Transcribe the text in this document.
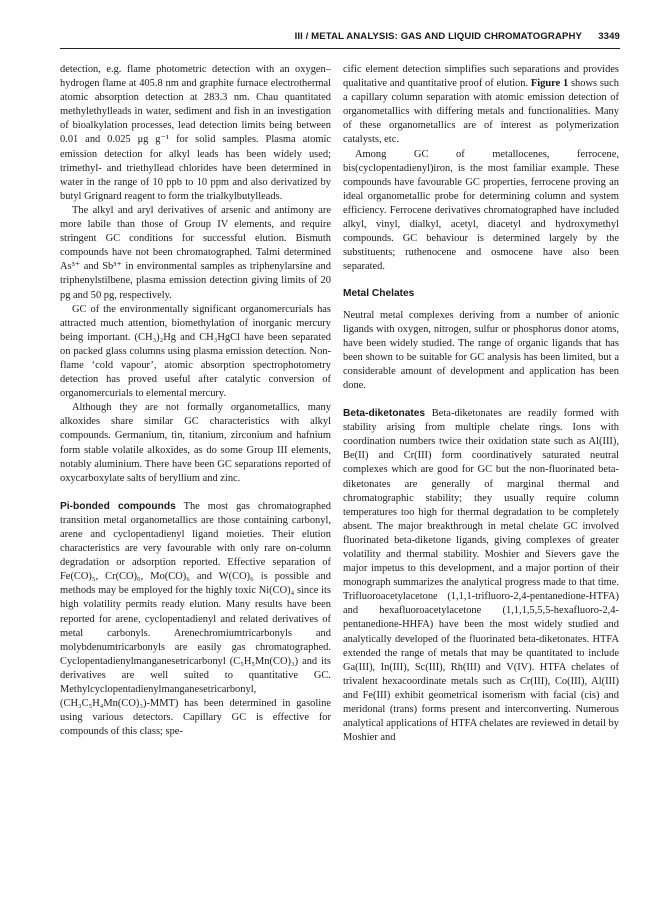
III / METAL ANALYSIS: GAS AND LIQUID CHROMATOGRAPHY 3349

detection, e.g. flame photometric detection with an oxygen–hydrogen flame at 405.8 nm and graphite furnace electrothermal atomic absorption detection at 283.3 nm. Chau quantitated methylethylleads in water, sediment and fish in an investigation of bioalkylation processes, lead detection limits being between 0.01 and 0.025 μg g⁻¹ for solid samples. Plasma atomic emission detection for alkyl leads has been widely used; trimethyl- and triethyllead chlorides have been determined in water in the range of 10 ppb to 10 ppm and also derivatized by butyl Grignard reagent to form the trialkylbutylleads.

The alkyl and aryl derivatives of arsenic and antimony are more labile than those of Group IV elements, and require stringent GC conditions for successful elution. Bismuth compounds have not been chromatographed. Talmi determined As³⁺ and Sb³⁺ in environmental samples as triphenylarsine and triphenylstilbene, plasma emission detection giving limits of 20 pg and 50 pg, respectively.

GC of the environmentally significant organomercurials has attracted much attention, biomethylation of inorganic mercury being important. (CH₃)₂Hg and CH₃HgCl have been separated on packed glass columns using plasma emission detection. Non-flame ‘cold vapour’, atomic absorption spectrophotometry detection has proved useful after catalytic conversion of organomercurials to elemental mercury.

Although they are not formally organometallics, many alkoxides share similar GC characteristics with alkyl compounds. Germanium, tin, titanium, zirconium and hafnium form stable volatile alkoxides, as do some Group III elements, notably aluminium. There have been GC separations reported of oxycarboxylate salts of beryllium and zinc.

Pi-bonded compounds The most gas chromatographed transition metal organometallics are those containing carbonyl, arene and cyclopentadienyl ligand moieties. Their elution characteristics are very favourable with only rare on-column degradation or adsorption reported. Effective separation of Fe(CO)₅, Cr(CO)₆, Mo(CO)₆ and W(CO)₆ is possible and methods may be employed for the highly toxic Ni(CO)₄ since its high volatility permits ready elution. Many results have been reported for arene, cyclopentadienyl and related derivatives of metal carbonyls. Arenechromiumtricarbonyls and molybdenumtricarbonyls are easily gas chromatographed. Cyclopentadienylmanganesetricarbonyl (C₅H₅Mn(CO)₃) and its derivatives are well suited to quantitative GC. Methylcyclopentadienylmanganesetricarbonyl, (CH₃C₅H₄Mn(CO)₃)-MMT) has been determined in gasoline using various detectors. Capillary GC is effective for compounds of this class; spe-

cific element detection simplifies such separations and provides qualitative and quantitative proof of elution. Figure 1 shows such a capillary column separation with atomic emission detection of organometallics with differing metals and functionalities. Many of these organometallics are of interest as polymerization catalysts, etc.

Among GC of metallocenes, ferrocene, bis(cyclopentadienyl)iron, is the most familiar example. These compounds have favourable GC properties, ferrocene proving an ideal organometallic probe for determining column and system efficiency. Ferrocene derivatives chromatographed have included alkyl, vinyl, dialkyl, acetyl, diacetyl and hydroxymethyl compounds. GC behaviour is determined largely by the substituents; ruthenocene and osmocene have also been separated.

Metal Chelates

Neutral metal complexes deriving from a number of anionic ligands with oxygen, nitrogen, sulfur or phosphorus donor atoms, have been widely studied. The range of organic ligands that has been shown to be suitable for GC analysis has been limited, but a considerable amount of development and application has been done.

Beta-diketonates Beta-diketonates are readily formed with stability arising from multiple chelate rings. Ions with coordination numbers twice their oxidation state such as Al(III), Be(II) and Cr(III) form coordinatively saturated neutral complexes which are good for GC but the non-fluorinated beta-diketonates are generally of marginal thermal and chromatographic stability; they usually require column temperatures too high for thermal degradation to be completely absent. The major breakthrough in metal chelate GC involved fluorinated beta-diketone ligands, giving complexes of greater volatility and thermal stability. Moshier and Sievers gave the major impetus to this development, and a major portion of their monograph summarizes the analytical progress made to that time. Trifluoroacetylacetone (1,1,1-trifluoro-2,4-pentanedione-HTFA) and hexafluoroacetylacetone (1,1,1,5,5,5-hexafluoro-2,4-pentanedione-HHFA) have been the most widely studied and analytically developed of the fluorinated beta-diketonates. HTFA extended the range of metals that may be quantitated to include Ga(III), In(III), Sc(III), Rh(III) and V(IV). HTFA chelates of trivalent hexacoordinate metals such as Cr(III), Co(III), Al(III) and Fe(III) exhibit geometrical isomerism with facial (cis) and meridonal (trans) forms present and interconverting. Numerous analytical applications of HTFA chelates are reviewed in detail by Moshier and
